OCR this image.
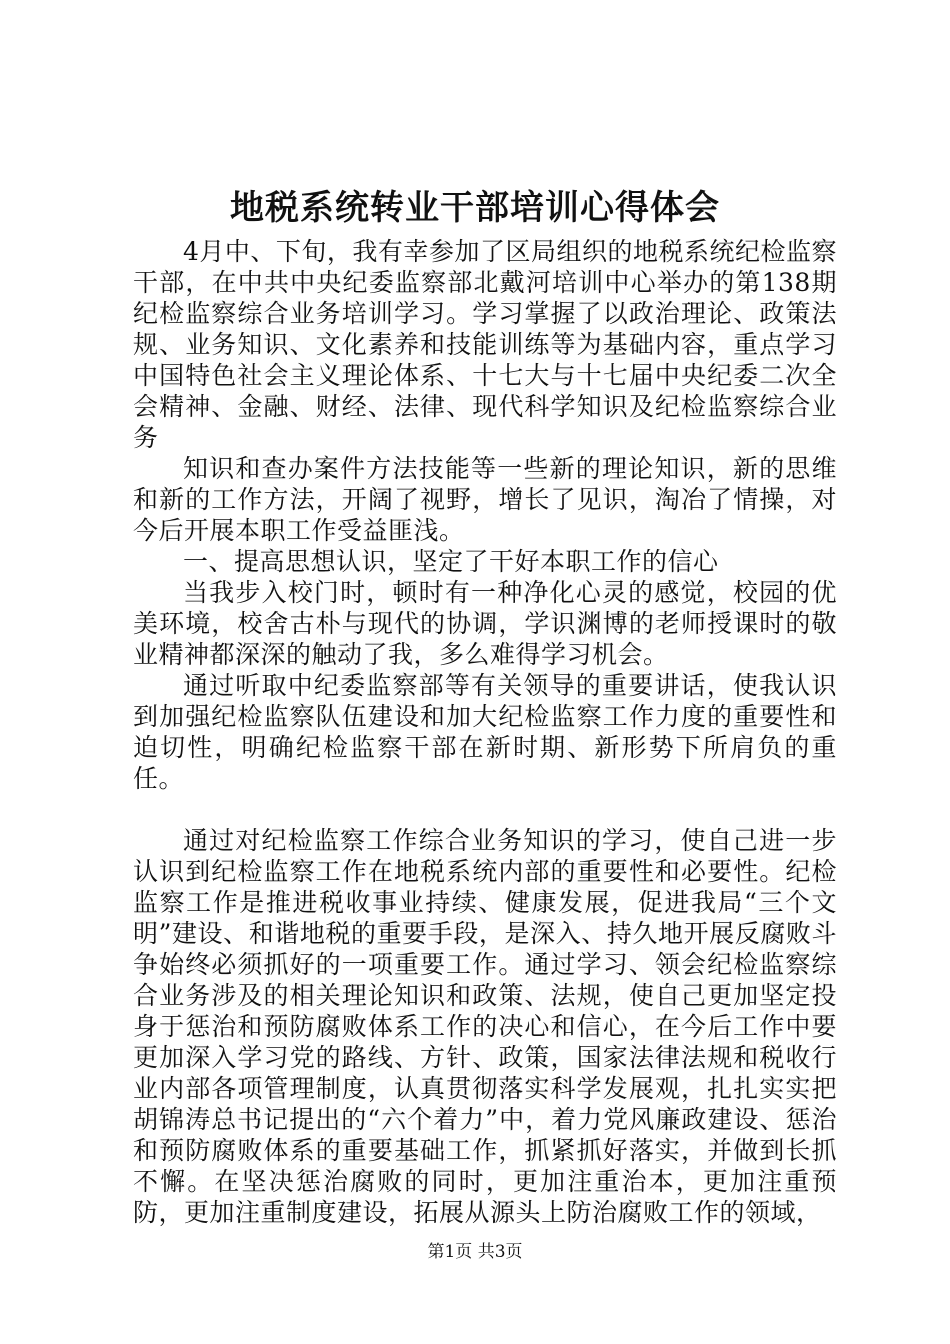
地税系统转业干部培训心得体会

4月中、下旬，我有幸参加了区局组织的地税系统纪检监察干部，在中共中央纪委监察部北戴河培训中心举办的第138期纪检监察综合业务培训学习。学习掌握了以政治理论、政策法规、业务知识、文化素养和技能训练等为基础内容，重点学习中国特色社会主义理论体系、十七大与十七届中央纪委二次全会精神、金融、财经、法律、现代科学知识及纪检监察综合业务

知识和查办案件方法技能等一些新的理论知识，新的思维和新的工作方法，开阔了视野，增长了见识，淘冶了情操，对今后开展本职工作受益匪浅。

一、提高思想认识，坚定了干好本职工作的信心

当我步入校门时，顿时有一种净化心灵的感觉，校园的优美环境，校舍古朴与现代的协调，学识渊博的老师授课时的敬业精神都深深的触动了我，多么难得学习机会。

通过听取中纪委监察部等有关领导的重要讲话，使我认识到加强纪检监察队伍建设和加大纪检监察工作力度的重要性和迫切性，明确纪检监察干部在新时期、新形势下所肩负的重任。

通过对纪检监察工作综合业务知识的学习，使自己进一步认识到纪检监察工作在地税系统内部的重要性和必要性。纪检监察工作是推进税收事业持续、健康发展，促进我局“三个文明”建设、和谐地税的重要手段，是深入、持久地开展反腐败斗争始终必须抓好的一项重要工作。通过学习、领会纪检监察综合业务涉及的相关理论知识和政策、法规，使自己更加坚定投身于惩治和预防腐败体系工作的决心和信心，在今后工作中要更加深入学习党的路线、方针、政策，国家法律法规和税收行业内部各项管理制度，认真贯彻落实科学发展观，扎扎实实把胡锦涛总书记提出的“六个着力”中，着力党风廉政建设、惩治和预防腐败体系的重要基础工作，抓紧抓好落实，并做到长抓不懈。在坚决惩治腐败的同时，更加注重治本，更加注重预防，更加注重制度建设，拓展从源头上防治腐败工作的领域，

第1页 共3页
